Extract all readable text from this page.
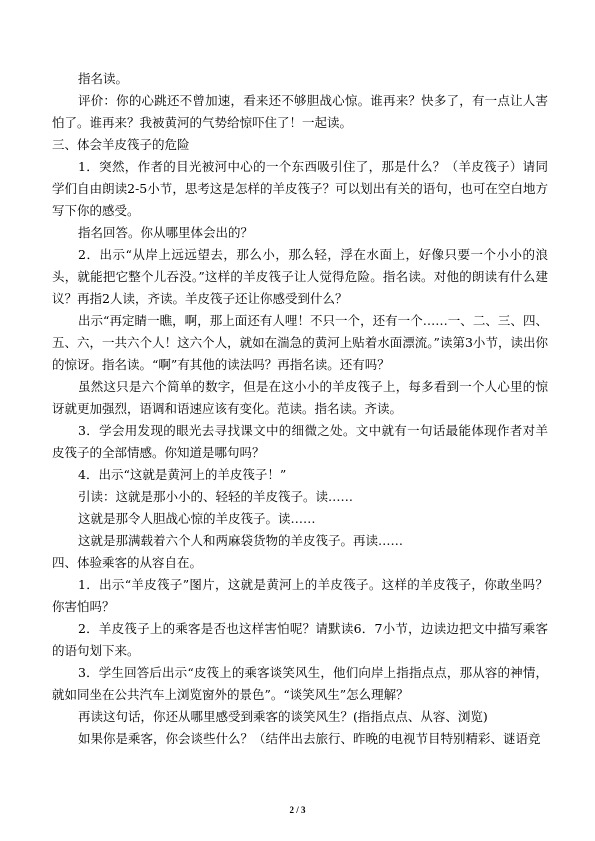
指名读。

评价：你的心跳还不曾加速，看来还不够胆战心惊。谁再来？快多了，有一点让人害怕了。谁再来？我被黄河的气势给惊吓住了！一起读。

三、体会羊皮筏子的危险

1．突然，作者的目光被河中心的一个东西吸引住了，那是什么？（羊皮筏子）请同学们自由朗读2-5小节，思考这是怎样的羊皮筏子？可以划出有关的语句，也可在空白地方写下你的感受。

指名回答。你从哪里体会出的？

2．出示“从岸上远远望去，那么小，那么轻，浮在水面上，好像只要一个小小的浪头，就能把它整个儿吞没。”这样的羊皮筏子让人觉得危险。指名读。对他的朗读有什么建议？再指2人读，齐读。羊皮筏子还让你感受到什么？

出示“再定睛一瞧，啊，那上面还有人哩！不只一个，还有一个……一、二、三、四、五、六，一共六个人！这六个人，就如在湍急的黄河上贴着水面漂流。”读第3小节，读出你的惊讶。指名读。“啊”有其他的读法吗？再指名读。还有吗？

虽然这只是六个简单的数字，但是在这小小的羊皮筏子上，每多看到一个人心里的惊讶就更加强烈，语调和语速应该有变化。范读。指名读。齐读。

3．学会用发现的眼光去寻找课文中的细微之处。文中就有一句话最能体现作者对羊皮筏子的全部情感。你知道是哪句吗？

4．出示“这就是黄河上的羊皮筏子！”

引读：这就是那小小的、轻轻的羊皮筏子。读……

这就是那令人胆战心惊的羊皮筏子。读……

这就是那满载着六个人和两麻袋货物的羊皮筏子。再读……

四、体验乘客的从容自在。

1．出示“羊皮筏子”图片，这就是黄河上的羊皮筏子。这样的羊皮筏子，你敢坐吗？你害怕吗？

2．羊皮筏子上的乘客是否也这样害怕呢？请默读6．7小节，边读边把文中描写乘客的语句划下来。

3．学生回答后出示“皮筏上的乘客谈笑风生，他们向岸上指指点点，那从容的神情，就如同坐在公共汽车上浏览窗外的景色”。“谈笑风生”怎么理解？

再读这句话，你还从哪里感受到乘客的谈笑风生？(指指点点、从容、浏览)

如果你是乘客，你会谈些什么？（结伴出去旅行、昨晚的电视节目特别精彩、谜语竞

2 / 3
